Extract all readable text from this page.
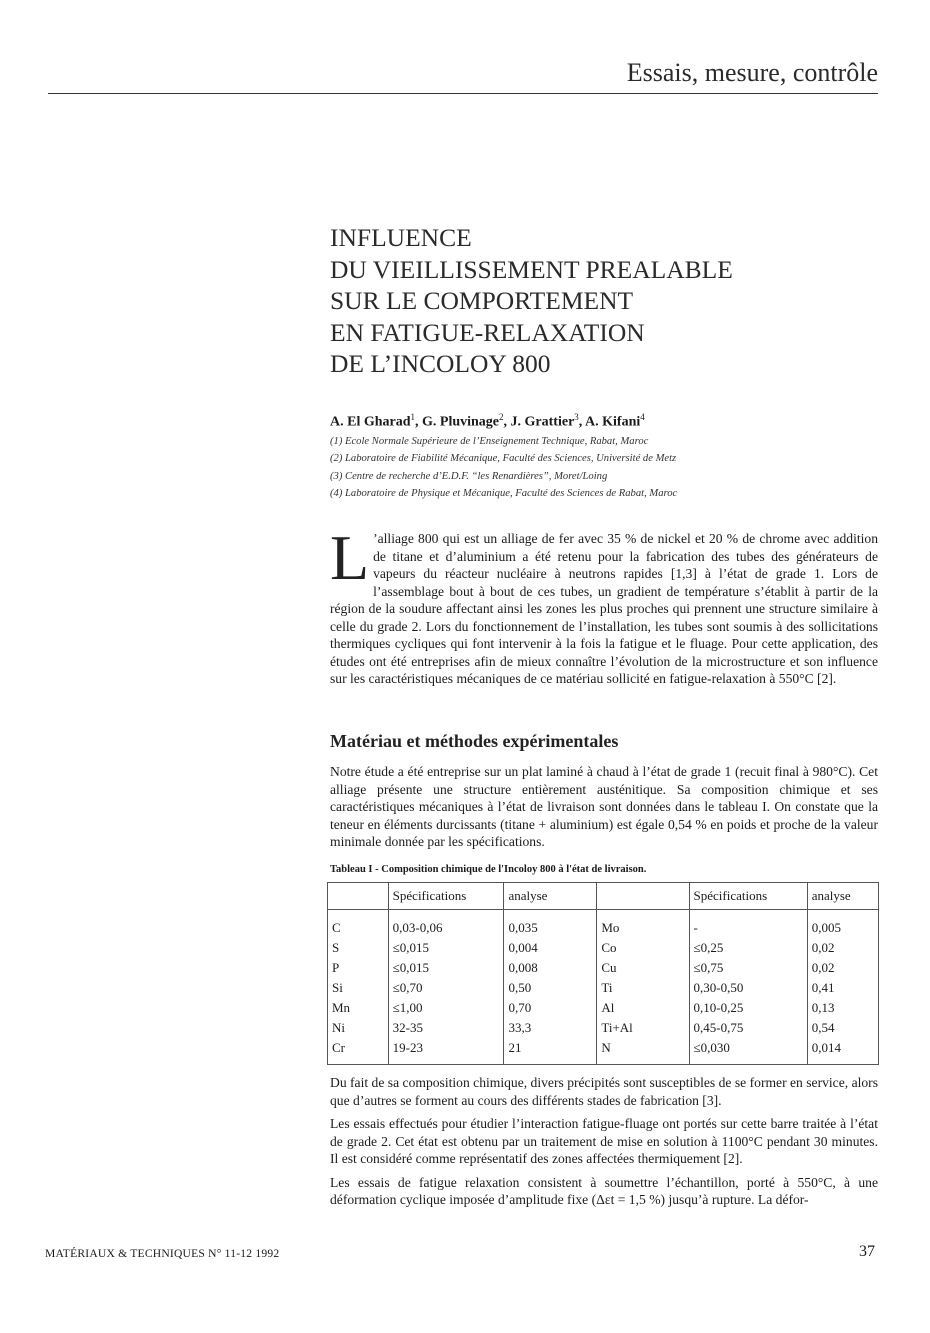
Essais, mesure, contrôle
INFLUENCE
DU VIEILLISSEMENT PREALABLE
SUR LE COMPORTEMENT
EN FATIGUE-RELAXATION
DE L’INCOLOY 800
A. El Gharad$^1$, G. Pluvinage$^2$, J. Grattier$^3$, A. Kifani$^4$
(1) Ecole Normale Supérieure de l’Enseignement Technique, Rabat, Maroc
(2) Laboratoire de Fiabilité Mécanique, Faculté des Sciences, Université de Metz
(3) Centre de recherche d’E.D.F. “les Renardières”, Moret/Loing
(4) Laboratoire de Physique et Mécanique, Faculté des Sciences de Rabat, Maroc
L ’alliage 800 qui est un alliage de fer avec 35 % de nickel et 20 % de chrome avec addition de titane et d’aluminium a été retenu pour la fabrication des tubes des générateurs de vapeurs du réacteur nucléaire à neutrons rapides [1,3] à l’état de grade 1. Lors de l’assemblage bout à bout de ces tubes, un gradient de température s’établit à partir de la région de la soudure affectant ainsi les zones les plus proches qui prennent une structure similaire à celle du grade 2. Lors du fonctionnement de l’installation, les tubes sont soumis à des sollicitations thermiques cycliques qui font intervenir à la fois la fatigue et le fluage. Pour cette application, des études ont été entreprises afin de mieux connaître l’évolution de la microstructure et son influence sur les caractéristiques mécaniques de ce matériau sollicité en fatigue-relaxation à 550°C [2].
Matériau et méthodes expérimentales
Notre étude a été entreprise sur un plat laminé à chaud à l’état de grade 1 (recuit final à 980°C). Cet alliage présente une structure entièrement austénitique. Sa composition chimique et ses caractéristiques mécaniques à l’état de livraison sont données dans le tableau I. On constate que la teneur en éléments durcissants (titane + aluminium) est égale 0,54 % en poids et proche de la valeur minimale donnée par les spécifications.
Tableau I - Composition chimique de l'Incoloy 800 à l'état de livraison.
	Spécifications	analyse		Spécifications	analyse
C	0,03-0,06	0,035	Mo	-	0,005
S	≤0,015	0,004	Co	≤0,25	0,02
P	≤0,015	0,008	Cu	≤0,75	0,02
Si	≤0,70	0,50	Ti	0,30-0,50	0,41
Mn	≤1,00	0,70	Al	0,10-0,25	0,13
Ni	32-35	33,3	Ti+Al	0,45-0,75	0,54
Cr	19-23	21	N	≤0,030	0,014

Du fait de sa composition chimique, divers précipités sont susceptibles de se former en service, alors que d’autres se forment au cours des différents stades de fabrication [3].

Les essais effectués pour étudier l’interaction fatigue-fluage ont portés sur cette barre traitée à l’état de grade 2. Cet état est obtenu par un traitement de mise en solution à 1100°C pendant 30 minutes. Il est considéré comme représentatif des zones affectées thermiquement [2].

Les essais de fatigue relaxation consistent à soumettre l’échantillon, porté à 550°C, à une déformation cyclique imposée d’amplitude fixe (Δεt = 1,5 %) jusqu’à rupture. La défor-

MATÉRIAUX & TECHNIQUES N° 11-12 1992	37
